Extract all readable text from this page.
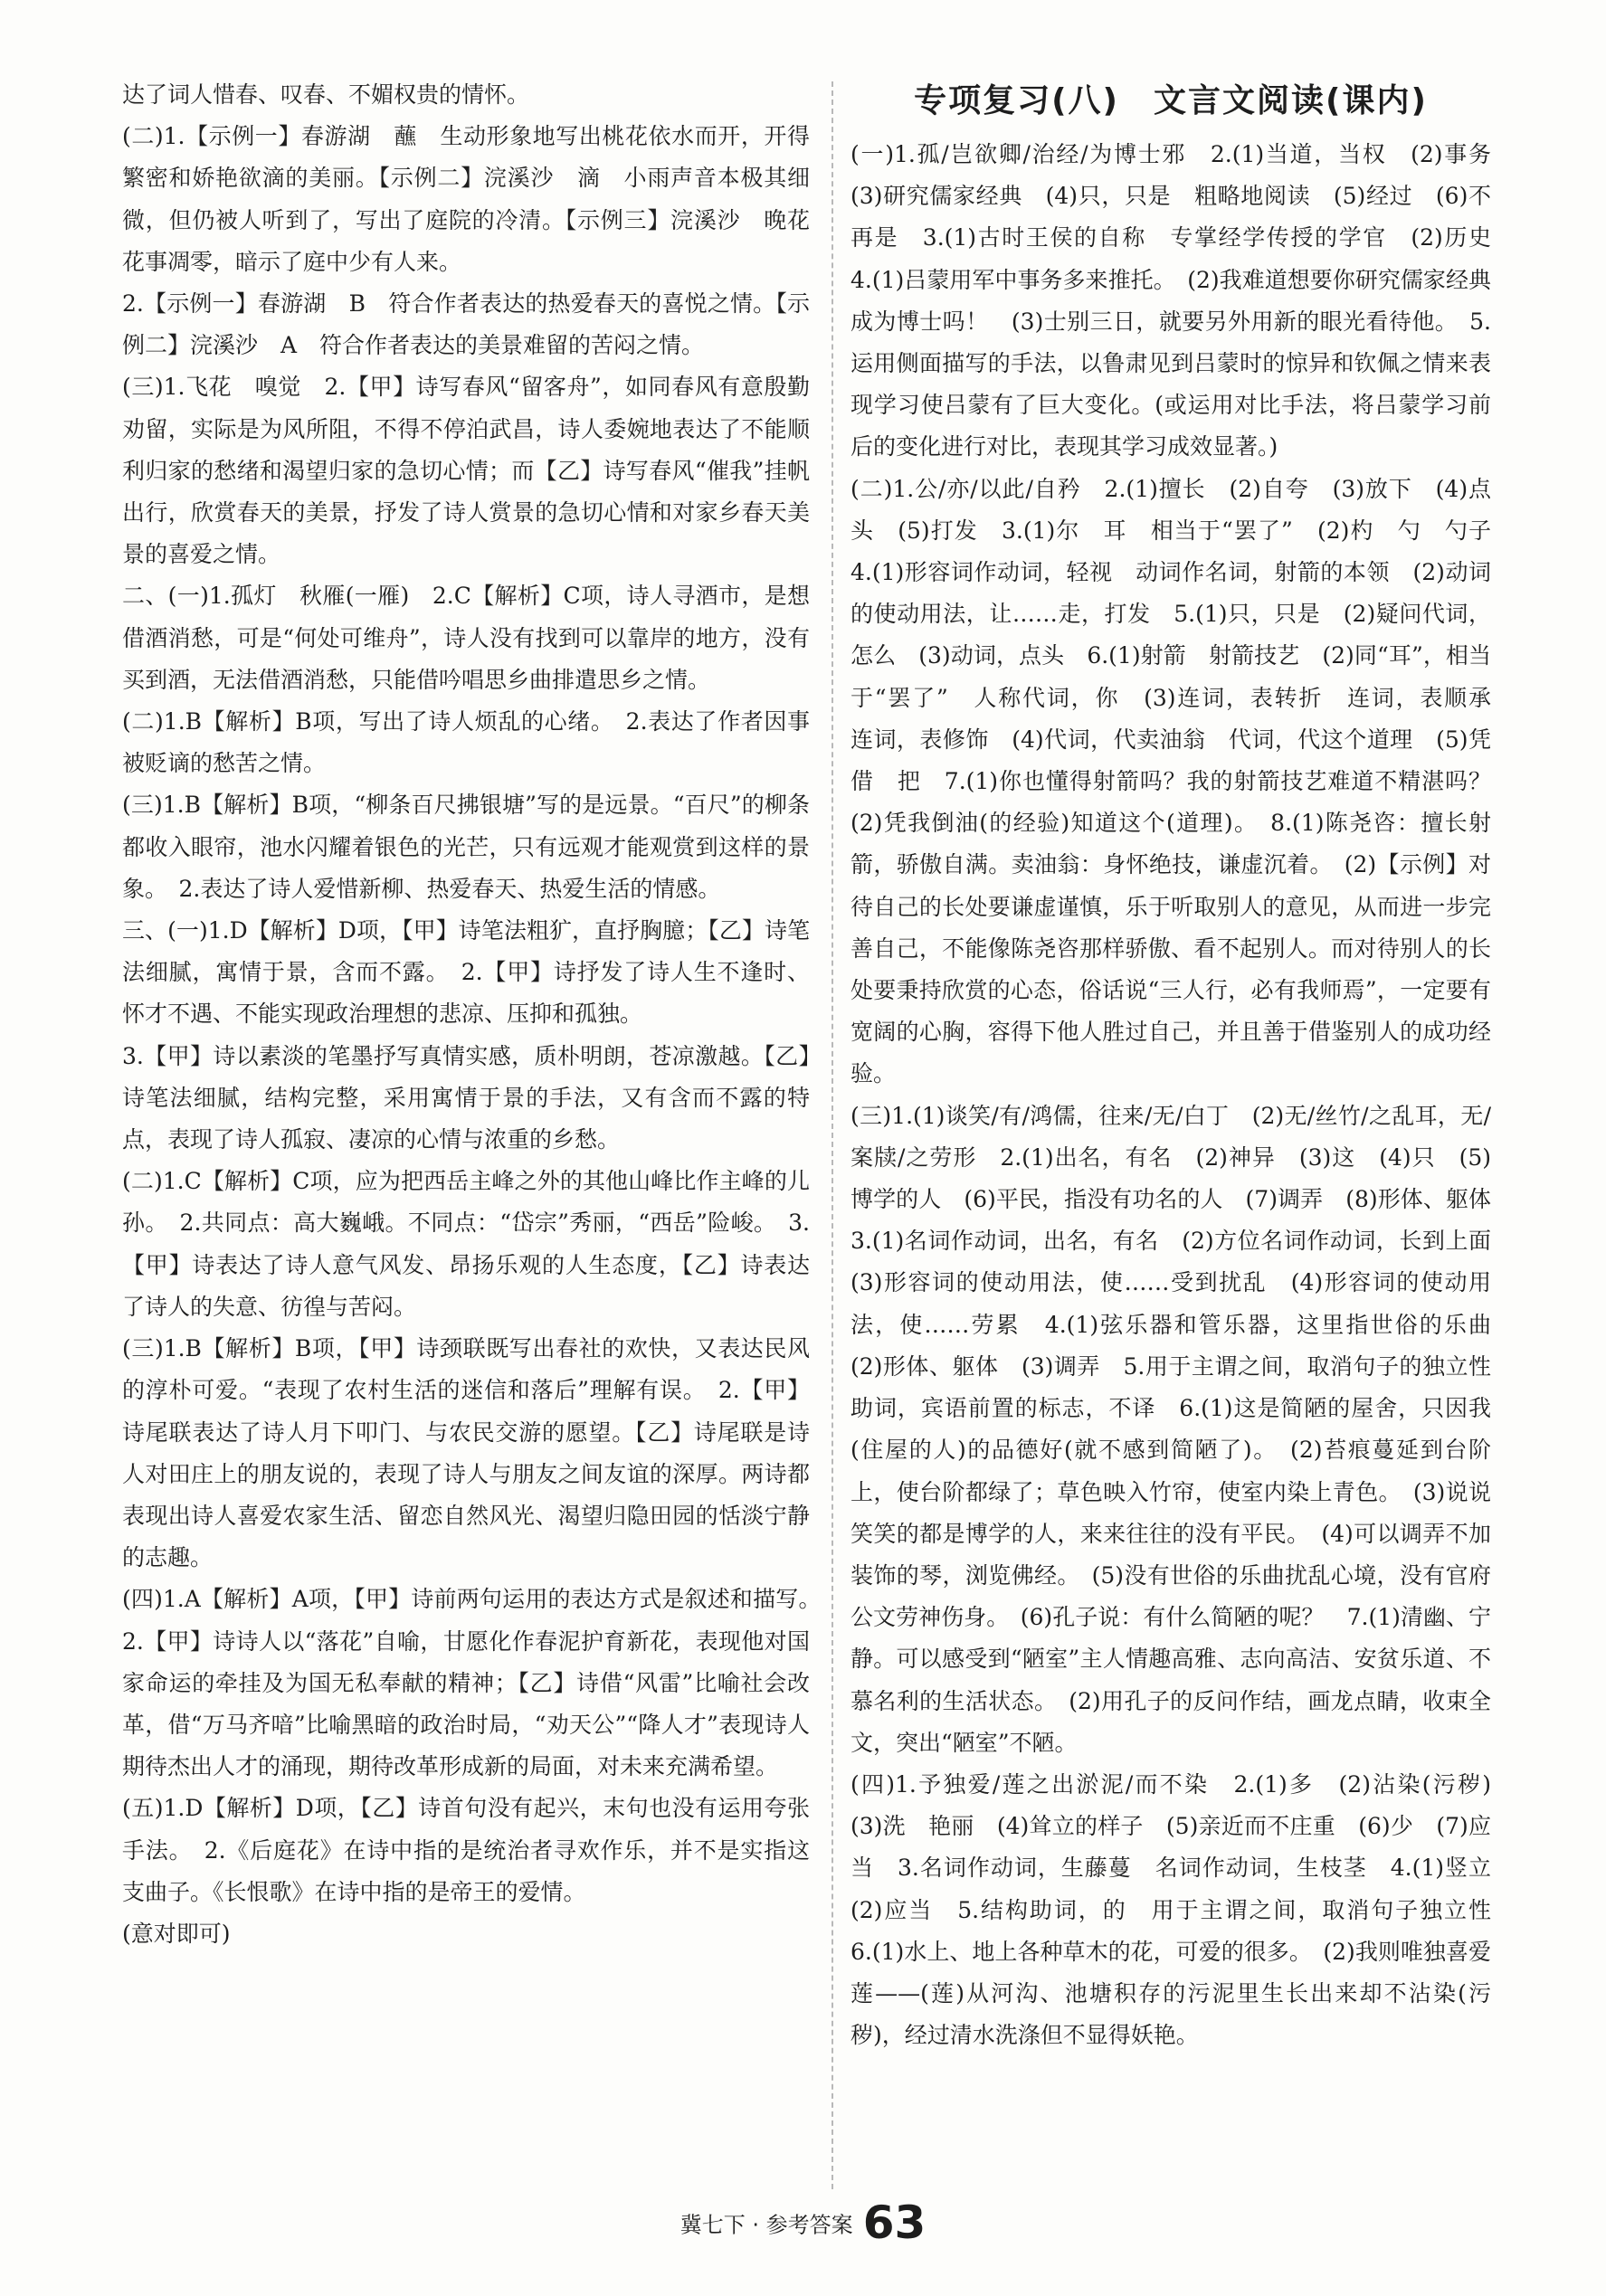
达了词人惜春、叹春、不媚权贵的情怀。

(二)1.【示例一】春游湖　蘸　生动形象地写出桃花依水而开，开得繁密和娇艳欲滴的美丽。【示例二】浣溪沙　滴　小雨声音本极其细微，但仍被人听到了，写出了庭院的冷清。【示例三】浣溪沙　晚花　花事凋零，暗示了庭中少有人来。

2.【示例一】春游湖　B　符合作者表达的热爱春天的喜悦之情。【示例二】浣溪沙　A　符合作者表达的美景难留的苦闷之情。

(三)1.飞花　嗅觉　2.【甲】诗写春风“留客舟”，如同春风有意殷勤劝留，实际是为风所阻，不得不停泊武昌，诗人委婉地表达了不能顺利归家的愁绪和渴望归家的急切心情；而【乙】诗写春风“催我”挂帆出行，欣赏春天的美景，抒发了诗人赏景的急切心情和对家乡春天美景的喜爱之情。

二、(一)1.孤灯　秋雁(一雁)　2.C【解析】C项，诗人寻酒市，是想借酒消愁，可是“何处可维舟”，诗人没有找到可以靠岸的地方，没有买到酒，无法借酒消愁，只能借吟唱思乡曲排遣思乡之情。

(二)1.B【解析】B项，写出了诗人烦乱的心绪。　2.表达了作者因事被贬谪的愁苦之情。

(三)1.B【解析】B项，“柳条百尺拂银塘”写的是远景。“百尺”的柳条都收入眼帘，池水闪耀着银色的光芒，只有远观才能观赏到这样的景象。　2.表达了诗人爱惜新柳、热爱春天、热爱生活的情感。

三、(一)1.D【解析】D项，【甲】诗笔法粗犷，直抒胸臆；【乙】诗笔法细腻，寓情于景，含而不露。　2.【甲】诗抒发了诗人生不逢时、怀才不遇、不能实现政治理想的悲凉、压抑和孤独。

3.【甲】诗以素淡的笔墨抒写真情实感，质朴明朗，苍凉激越。【乙】诗笔法细腻，结构完整，采用寓情于景的手法，又有含而不露的特点，表现了诗人孤寂、凄凉的心情与浓重的乡愁。

(二)1.C【解析】C项，应为把西岳主峰之外的其他山峰比作主峰的儿孙。　2.共同点：高大巍峨。不同点：“岱宗”秀丽，“西岳”险峻。　3.【甲】诗表达了诗人意气风发、昂扬乐观的人生态度，【乙】诗表达了诗人的失意、彷徨与苦闷。

(三)1.B【解析】B项，【甲】诗颈联既写出春社的欢快，又表达民风的淳朴可爱。“表现了农村生活的迷信和落后”理解有误。　2.【甲】诗尾联表达了诗人月下叩门、与农民交游的愿望。【乙】诗尾联是诗人对田庄上的朋友说的，表现了诗人与朋友之间友谊的深厚。两诗都表现出诗人喜爱农家生活、留恋自然风光、渴望归隐田园的恬淡宁静的志趣。

(四)1.A【解析】A项，【甲】诗前两句运用的表达方式是叙述和描写。　2.【甲】诗诗人以“落花”自喻，甘愿化作春泥护育新花，表现他对国家命运的牵挂及为国无私奉献的精神；【乙】诗借“风雷”比喻社会改革，借“万马齐喑”比喻黑暗的政治时局，“劝天公”“降人才”表现诗人期待杰出人才的涌现，期待改革形成新的局面，对未来充满希望。

(五)1.D【解析】D项，【乙】诗首句没有起兴，末句也没有运用夸张手法。　2.《后庭花》在诗中指的是统治者寻欢作乐，并不是实指这支曲子。《长恨歌》在诗中指的是帝王的爱情。

(意对即可)

专项复习(八)　文言文阅读(课内)

(一)1.孤/岂欲卿/治经/为博士邪　2.(1)当道，当权　(2)事务　(3)研究儒家经典　(4)只，只是　粗略地阅读　(5)经过　(6)不再是　3.(1)古时王侯的自称　专掌经学传授的学官　(2)历史　4.(1)吕蒙用军中事务多来推托。　(2)我难道想要你研究儒家经典成为博士吗！　(3)士别三日，就要另外用新的眼光看待他。　5.运用侧面描写的手法，以鲁肃见到吕蒙时的惊异和钦佩之情来表现学习使吕蒙有了巨大变化。(或运用对比手法，将吕蒙学习前后的变化进行对比，表现其学习成效显著。)

(二)1.公/亦/以此/自矜　2.(1)擅长　(2)自夸　(3)放下　(4)点头　(5)打发　3.(1)尔　耳　相当于“罢了”　(2)杓　勺　勺子　4.(1)形容词作动词，轻视　动词作名词，射箭的本领　(2)动词的使动用法，让……走，打发　5.(1)只，只是　(2)疑问代词，怎么　(3)动词，点头　6.(1)射箭　射箭技艺　(2)同“耳”，相当于“罢了”　人称代词，你　(3)连词，表转折　连词，表顺承　连词，表修饰　(4)代词，代卖油翁　代词，代这个道理　(5)凭借　把　7.(1)你也懂得射箭吗？我的射箭技艺难道不精湛吗？　(2)凭我倒油(的经验)知道这个(道理)。　8.(1)陈尧咨：擅长射箭，骄傲自满。卖油翁：身怀绝技，谦虚沉着。　(2)【示例】对待自己的长处要谦虚谨慎，乐于听取别人的意见，从而进一步完善自己，不能像陈尧咨那样骄傲、看不起别人。而对待别人的长处要秉持欣赏的心态，俗话说“三人行，必有我师焉”，一定要有宽阔的心胸，容得下他人胜过自己，并且善于借鉴别人的成功经验。

(三)1.(1)谈笑/有/鸿儒，往来/无/白丁　(2)无/丝竹/之乱耳，无/案牍/之劳形　2.(1)出名，有名　(2)神异　(3)这　(4)只　(5)博学的人　(6)平民，指没有功名的人　(7)调弄　(8)形体、躯体　3.(1)名词作动词，出名，有名　(2)方位名词作动词，长到上面　(3)形容词的使动用法，使……受到扰乱　(4)形容词的使动用法，使……劳累　4.(1)弦乐器和管乐器，这里指世俗的乐曲　(2)形体、躯体　(3)调弄　5.用于主谓之间，取消句子的独立性　助词，宾语前置的标志，不译　6.(1)这是简陋的屋舍，只因我(住屋的人)的品德好(就不感到简陋了)。　(2)苔痕蔓延到台阶上，使台阶都绿了；草色映入竹帘，使室内染上青色。　(3)说说笑笑的都是博学的人，来来往往的没有平民。　(4)可以调弄不加装饰的琴，浏览佛经。　(5)没有世俗的乐曲扰乱心境，没有官府公文劳神伤身。　(6)孔子说：有什么简陋的呢？　7.(1)清幽、宁静。可以感受到“陋室”主人情趣高雅、志向高洁、安贫乐道、不慕名利的生活状态。　(2)用孔子的反问作结，画龙点睛，收束全文，突出“陋室”不陋。

(四)1.予独爱/莲之出淤泥/而不染　2.(1)多　(2)沾染(污秽)　(3)洗　艳丽　(4)耸立的样子　(5)亲近而不庄重　(6)少　(7)应当　3.名词作动词，生藤蔓　名词作动词，生枝茎　4.(1)竖立　(2)应当　5.结构助词，的　用于主谓之间，取消句子独立性　6.(1)水上、地上各种草木的花，可爱的很多。　(2)我则唯独喜爱莲——(莲)从河沟、池塘积存的污泥里生长出来却不沾染(污秽)，经过清水洗涤但不显得妖艳。

冀七下 · 参考答案 63
